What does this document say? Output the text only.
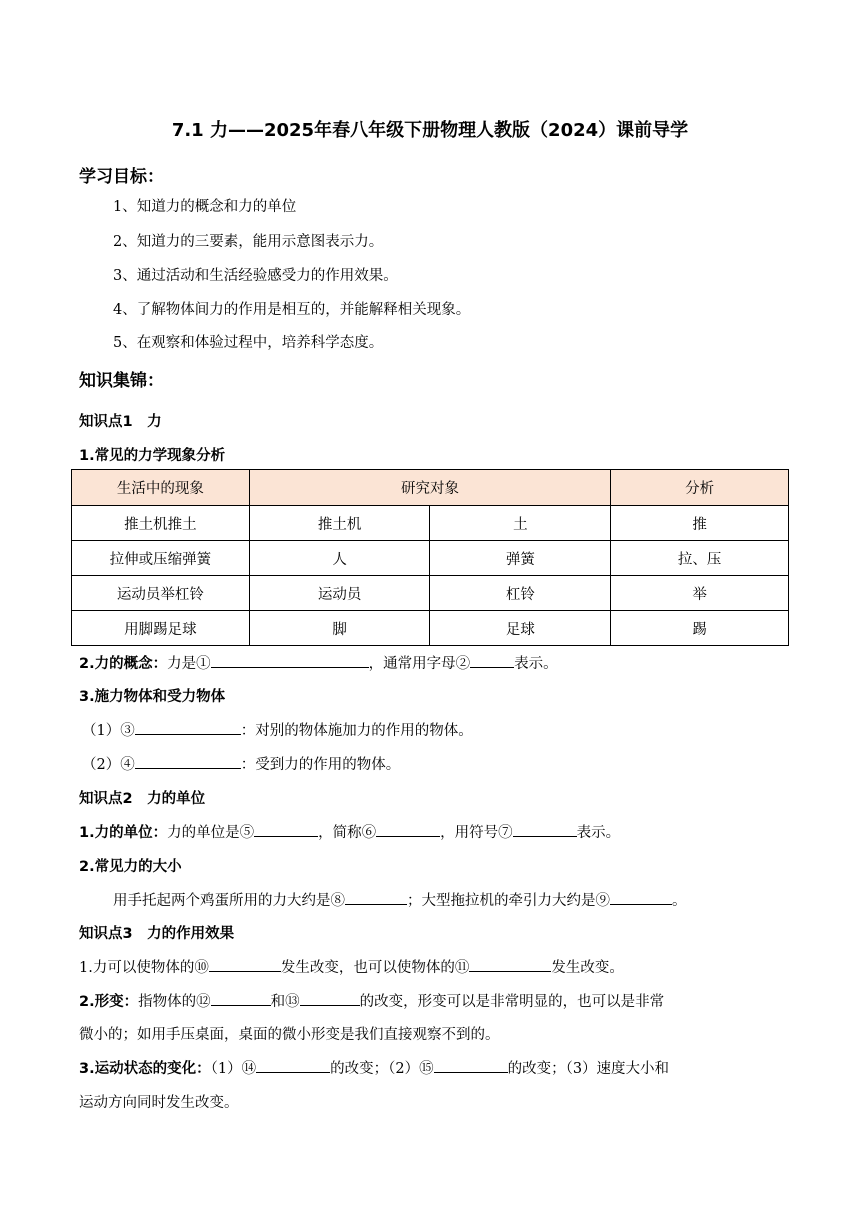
7.1 力——2025年春八年级下册物理人教版（2024）课前导学
学习目标：
1、知道力的概念和力的单位
2、知道力的三要素，能用示意图表示力。
3、通过活动和生活经验感受力的作用效果。
4、了解物体间力的作用是相互的，并能解释相关现象。
5、在观察和体验过程中，培养科学态度。
知识集锦：
知识点1　力
1.常见的力学现象分析
生活中的现象	研究对象		分析
推土机推土	推土机	土	推
拉伸或压缩弹簧	人	弹簧	拉、压
运动员举杠铃	运动员	杠铃	举
用脚踢足球	脚	足球	踢
2.力的概念：力是①	，通常用字母②	表示。
3.施力物体和受力物体
（1）③	：对别的物体施加力的作用的物体。
（2）④	：受到力的作用的物体。
知识点2　力的单位
1.力的单位：力的单位是⑤	，简称⑥	，用符号⑦	表示。
2.常见力的大小
用手托起两个鸡蛋所用的力大约是⑧	；大型拖拉机的牵引力大约是⑨	。
知识点3　力的作用效果
1.力可以使物体的⑩	发生改变，也可以使物体的⑪	发生改变。
2.形变：指物体的⑫	和⑬	的改变，形变可以是非常明显的，也可以是非常
微小的；如用手压桌面，桌面的微小形变是我们直接观察不到的。
3.运动状态的变化：（1）⑭	的改变；（2）⑮	的改变；（3）速度大小和
运动方向同时发生改变。
